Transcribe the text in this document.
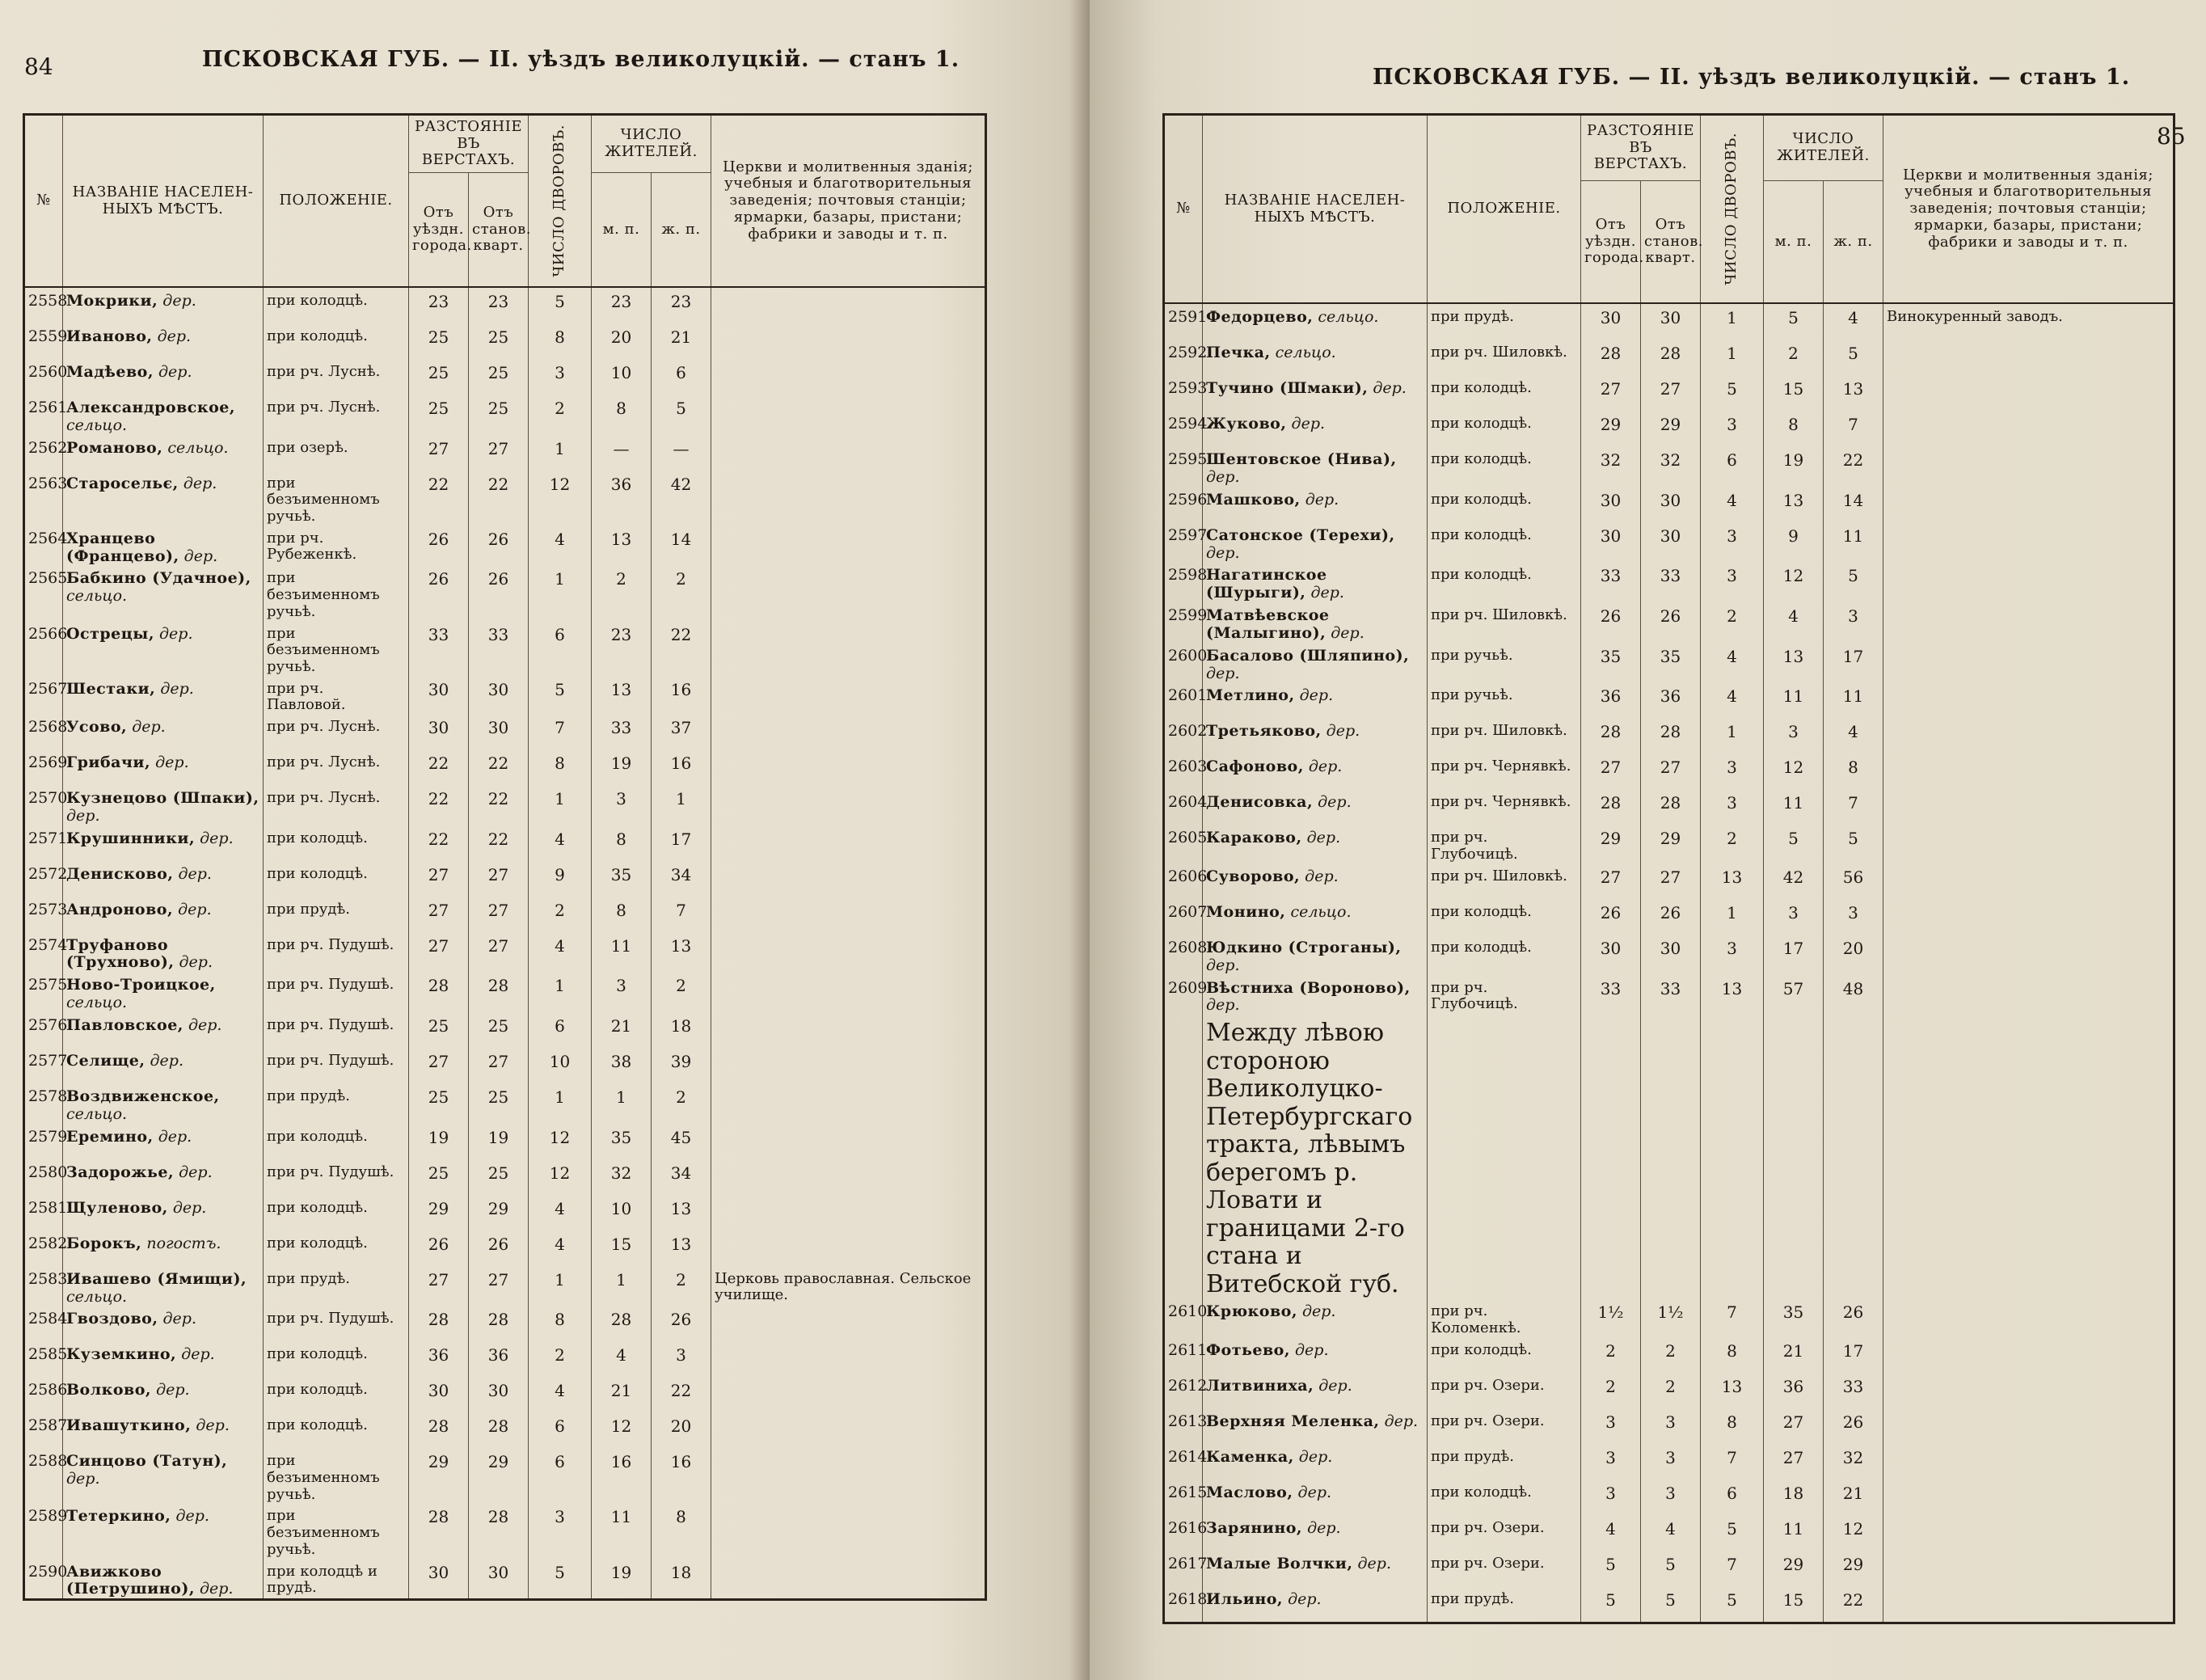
84	ПСКОВСКАЯ ГУБ. — II. уѣздъ великолуцкій. — станъ 1.
№	НАЗВАНІЕ НАСЕЛЕН-НЫХЪ МѢСТЪ.	ПОЛОЖЕНІЕ.	РАЗСТОЯНІЕ ВЪ ВЕРСТАХЪ.		ЧИСЛО ДВОРОВЪ.	ЧИСЛО ЖИТЕЛЕЙ.		Церкви и молитвенныя зданія; учебныя и благотворительныя заведенія; почтовыя станціи; ярмарки, базары, пристани; фабрики и заводы и т. п.
			Отъ уѣздн. города.	Отъ станов. кварт.		м. п.	ж. п.	
2558	Мокрики, дер.	при колодцѣ.	23	23	5	23	23	
2559	Иваново, дер.	при колодцѣ.	25	25	8	20	21	
2560	Мадѣево, дер.	при рч. Луснѣ.	25	25	3	10	6	
2561	Александровское, сельцо.	при рч. Луснѣ.	25	25	2	8	5	
2562	Романово, сельцо.	при озерѣ.	27	27	1	—	—	
2563	Старосельє, дер.	при безъименномъ ручьѣ.	22	22	12	36	42	
2564	Хранцево (Францево), дер.	при рч. Рубеженкѣ.	26	26	4	13	14	
2565	Бабкино (Удачное), сельцо.	при безъименномъ ручьѣ.	26	26	1	2	2	
2566	Острецы, дер.	при безъименномъ ручьѣ.	33	33	6	23	22	
2567	Шестаки, дер.	при рч. Павловой.	30	30	5	13	16	
2568	Усово, дер.	при рч. Луснѣ.	30	30	7	33	37	
2569	Грибачи, дер.	при рч. Луснѣ.	22	22	8	19	16	
2570	Кузнецово (Шпаки), дер.	при рч. Луснѣ.	22	22	1	3	1	
2571	Крушинники, дер.	при колодцѣ.	22	22	4	8	17	
2572	Денисково, дер.	при колодцѣ.	27	27	9	35	34	
2573	Андроново, дер.	при прудѣ.	27	27	2	8	7	
2574	Труфаново (Трухново), дер.	при рч. Пудушѣ.	27	27	4	11	13	
2575	Ново-Троицкое, сельцо.	при рч. Пудушѣ.	28	28	1	3	2	
2576	Павловское, дер.	при рч. Пудушѣ.	25	25	6	21	18	
2577	Селище, дер.	при рч. Пудушѣ.	27	27	10	38	39	
2578	Воздвиженское, сельцо.	при прудѣ.	25	25	1	1	2	
2579	Еремино, дер.	при колодцѣ.	19	19	12	35	45	
2580	Задорожье, дер.	при рч. Пудушѣ.	25	25	12	32	34	
2581	Щуленово, дер.	при колодцѣ.	29	29	4	10	13	
2582	Борокъ, погостъ.	при колодцѣ.	26	26	4	15	13	
2583	Ивашево (Ямищи), сельцо.	при прудѣ.	27	27	1	1	2	Церковь православная. Сельское училище.
2584	Гвоздово, дер.	при рч. Пудушѣ.	28	28	8	28	26	
2585	Куземкино, дер.	при колодцѣ.	36	36	2	4	3	
2586	Волково, дер.	при колодцѣ.	30	30	4	21	22	
2587	Ивашуткино, дер.	при колодцѣ.	28	28	6	12	20	
2588	Синцово (Татун), дер.	при безъименномъ ручьѣ.	29	29	6	16	16	
2589	Тетеркино, дер.	при безъименномъ ручьѣ.	28	28	3	11	8	
2590	Авижково (Петрушино), дер.	при колодцѣ и прудѣ.	30	30	5	19	18	
ПСКОВСКАЯ ГУБ. — II. уѣздъ великолуцкій. — станъ 1.
85
№	НАЗВАНІЕ НАСЕЛЕН-НЫХЪ МѢСТЪ.	ПОЛОЖЕНІЕ.	РАЗСТОЯНІЕ ВЪ ВЕРСТАХЪ.		ЧИСЛО ДВОРОВЪ.	ЧИСЛО ЖИТЕЛЕЙ.		Церкви и молитвенныя зданія; учебныя и благотворительныя заведенія; почтовыя станціи; ярмарки, базары, пристани; фабрики и заводы и т. п.
			Отъ уѣздн. города.	Отъ станов. кварт.		м. п.	ж. п.	
2591	Федорцево, сельцо.	при прудѣ.	30	30	1	5	4	Винокуренный заводъ.
2592	Печка, сельцо.	при рч. Шиловкѣ.	28	28	1	2	5	
2593	Тучино (Шмаки), дер.	при колодцѣ.	27	27	5	15	13	
2594	Жуково, дер.	при колодцѣ.	29	29	3	8	7	
2595	Шентовское (Нива), дер.	при колодцѣ.	32	32	6	19	22	
2596	Машково, дер.	при колодцѣ.	30	30	4	13	14	
2597	Сатонское (Терехи), дер.	при колодцѣ.	30	30	3	9	11	
2598	Нагатинское (Шурыги), дер.	при колодцѣ.	33	33	3	12	5	
2599	Матвѣевское (Малыгино), дер.	при рч. Шиловкѣ.	26	26	2	4	3	
2600	Басалово (Шляпино), дер.	при ручьѣ.	35	35	4	13	17	
2601	Метлино, дер.	при ручьѣ.	36	36	4	11	11	
2602	Третьяково, дер.	при рч. Шиловкѣ.	28	28	1	3	4	
2603	Сафоново, дер.	при рч. Чернявкѣ.	27	27	3	12	8	
2604	Денисовка, дер.	при рч. Чернявкѣ.	28	28	3	11	7	
2605	Караково, дер.	при рч. Глубочицѣ.	29	29	2	5	5	
2606	Суворово, дер.	при рч. Шиловкѣ.	27	27	13	42	56	
2607	Монино, сельцо.	при колодцѣ.	26	26	1	3	3	
2608	Юдкино (Строганы), дер.	при колодцѣ.	30	30	3	17	20	
2609	Вѣстниха (Вороново), дер.	при рч. Глубочицѣ.	33	33	13	57	48	
	Между лѣвою стороною Великолуцко-Петербургскаго тракта, лѣвымъ берегомъ р. Ловати и границами 2-го стана и Витебской губ.							
2610	Крюково, дер.	при рч. Коломенкѣ.	1½	1½	7	35	26	
2611	Фотьево, дер.	при колодцѣ.	2	2	8	21	17	
2612	Литвиниха, дер.	при рч. Озери.	2	2	13	36	33	
2613	Верхняя Меленка, дер.	при рч. Озери.	3	3	8	27	26	
2614	Каменка, дер.	при прудѣ.	3	3	7	27	32	
2615	Маслово, дер.	при колодцѣ.	3	3	6	18	21	
2616	Зарянино, дер.	при рч. Озери.	4	4	5	11	12	
2617	Малые Волчки, дер.	при рч. Озери.	5	5	7	29	29	
2618	Ильино, дер.	при прудѣ.	5	5	5	15	22	
